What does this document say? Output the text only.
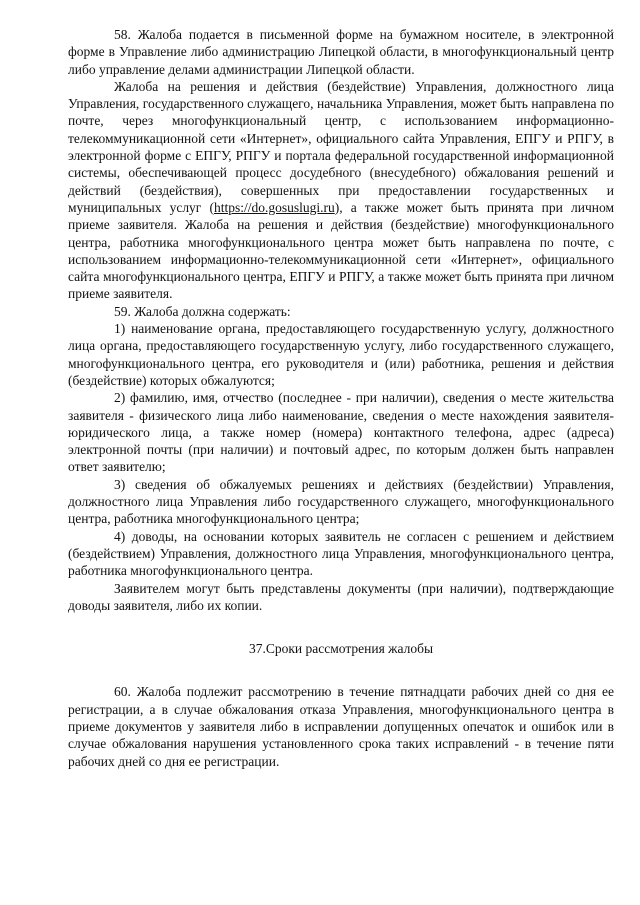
58. Жалоба подается в письменной форме на бумажном носителе, в электронной форме в Управление либо администрацию Липецкой области, в многофункциональный центр либо управление делами администрации Липецкой области.

Жалоба на решения и действия (бездействие) Управления, должностного лица Управления, государственного служащего, начальника Управления, может быть направлена по почте, через многофункциональный центр, с использованием информационно-телекоммуникационной сети «Интернет», официального сайта Управления, ЕПГУ и РПГУ, в электронной форме с ЕПГУ, РПГУ и портала федеральной государственной информационной системы, обеспечивающей процесс досудебного (внесудебного) обжалования решений и действий (бездействия), совершенных при предоставлении государственных и муниципальных услуг (https://do.gosuslugi.ru), а также может быть принята при личном приеме заявителя. Жалоба на решения и действия (бездействие) многофункционального центра, работника многофункционального центра может быть направлена по почте, с использованием информационно-телекоммуникационной сети «Интернет», официального сайта многофункционального центра, ЕПГУ и РПГУ, а также может быть принята при личном приеме заявителя.

59. Жалоба должна содержать:

1) наименование органа, предоставляющего государственную услугу, должностного лица органа, предоставляющего государственную услугу, либо государственного служащего, многофункционального центра, его руководителя и (или) работника, решения и действия (бездействие) которых обжалуются;

2) фамилию, имя, отчество (последнее - при наличии), сведения о месте жительства заявителя - физического лица либо наименование, сведения о месте нахождения заявителя-юридического лица, а также номер (номера) контактного телефона, адрес (адреса) электронной почты (при наличии) и почтовый адрес, по которым должен быть направлен ответ заявителю;

3) сведения об обжалуемых решениях и действиях (бездействии) Управления, должностного лица Управления либо государственного служащего, многофункционального центра, работника многофункционального центра;

4) доводы, на основании которых заявитель не согласен с решением и действием (бездействием) Управления, должностного лица Управления, многофункционального центра, работника многофункционального центра.

Заявителем могут быть представлены документы (при наличии), подтверждающие доводы заявителя, либо их копии.

37.Сроки рассмотрения жалобы

60. Жалоба подлежит рассмотрению в течение пятнадцати рабочих дней со дня ее регистрации, а в случае обжалования отказа Управления, многофункционального центра в приеме документов у заявителя либо в исправлении допущенных опечаток и ошибок или в случае обжалования нарушения установленного срока таких исправлений - в течение пяти рабочих дней со дня ее регистрации.
